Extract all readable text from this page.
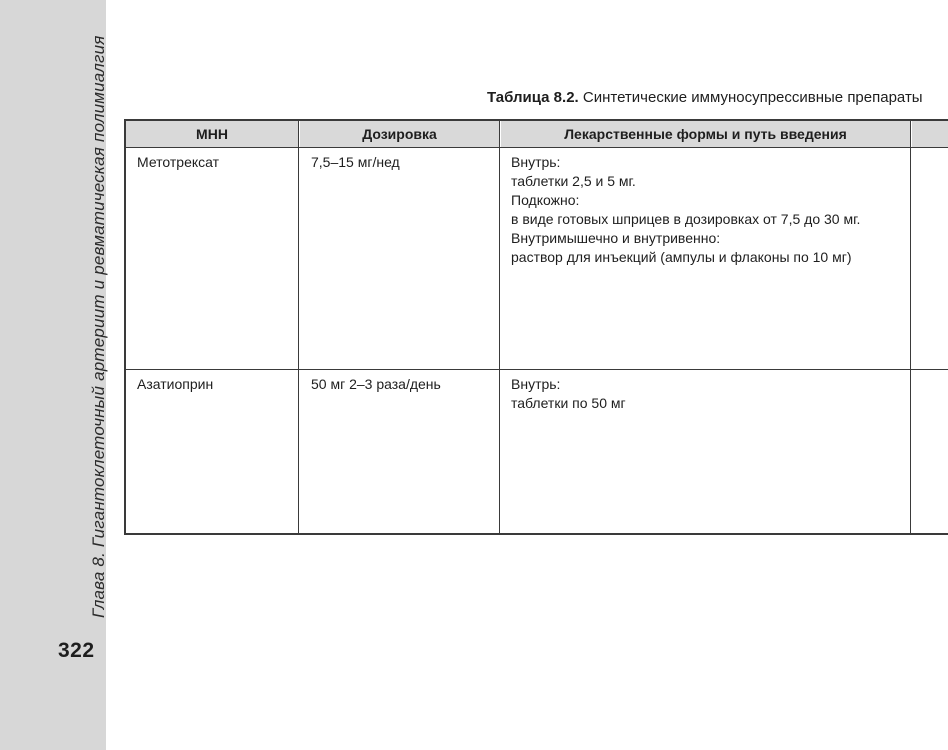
Глава 8. Гигантоклеточный артериит и ревматическая полимиалгия
322
Таблица 8.2. Синтетические иммуносупрессивные препараты
МНН	Дозировка	Лекарственные формы и путь введения
Метотрексат	7,5–15 мг/нед	Внутрь:
таблетки 2,5 и 5 мг.
Подкожно:
в виде готовых шприцев в дозировках от 7,5 до 30 мг.
Внутримышечно и внутривенно:
раствор для инъекций (ампулы и флаконы по 10 мг)
Азатиоприн	50 мг 2–3 раза/день	Внутрь:
таблетки по 50 мг
